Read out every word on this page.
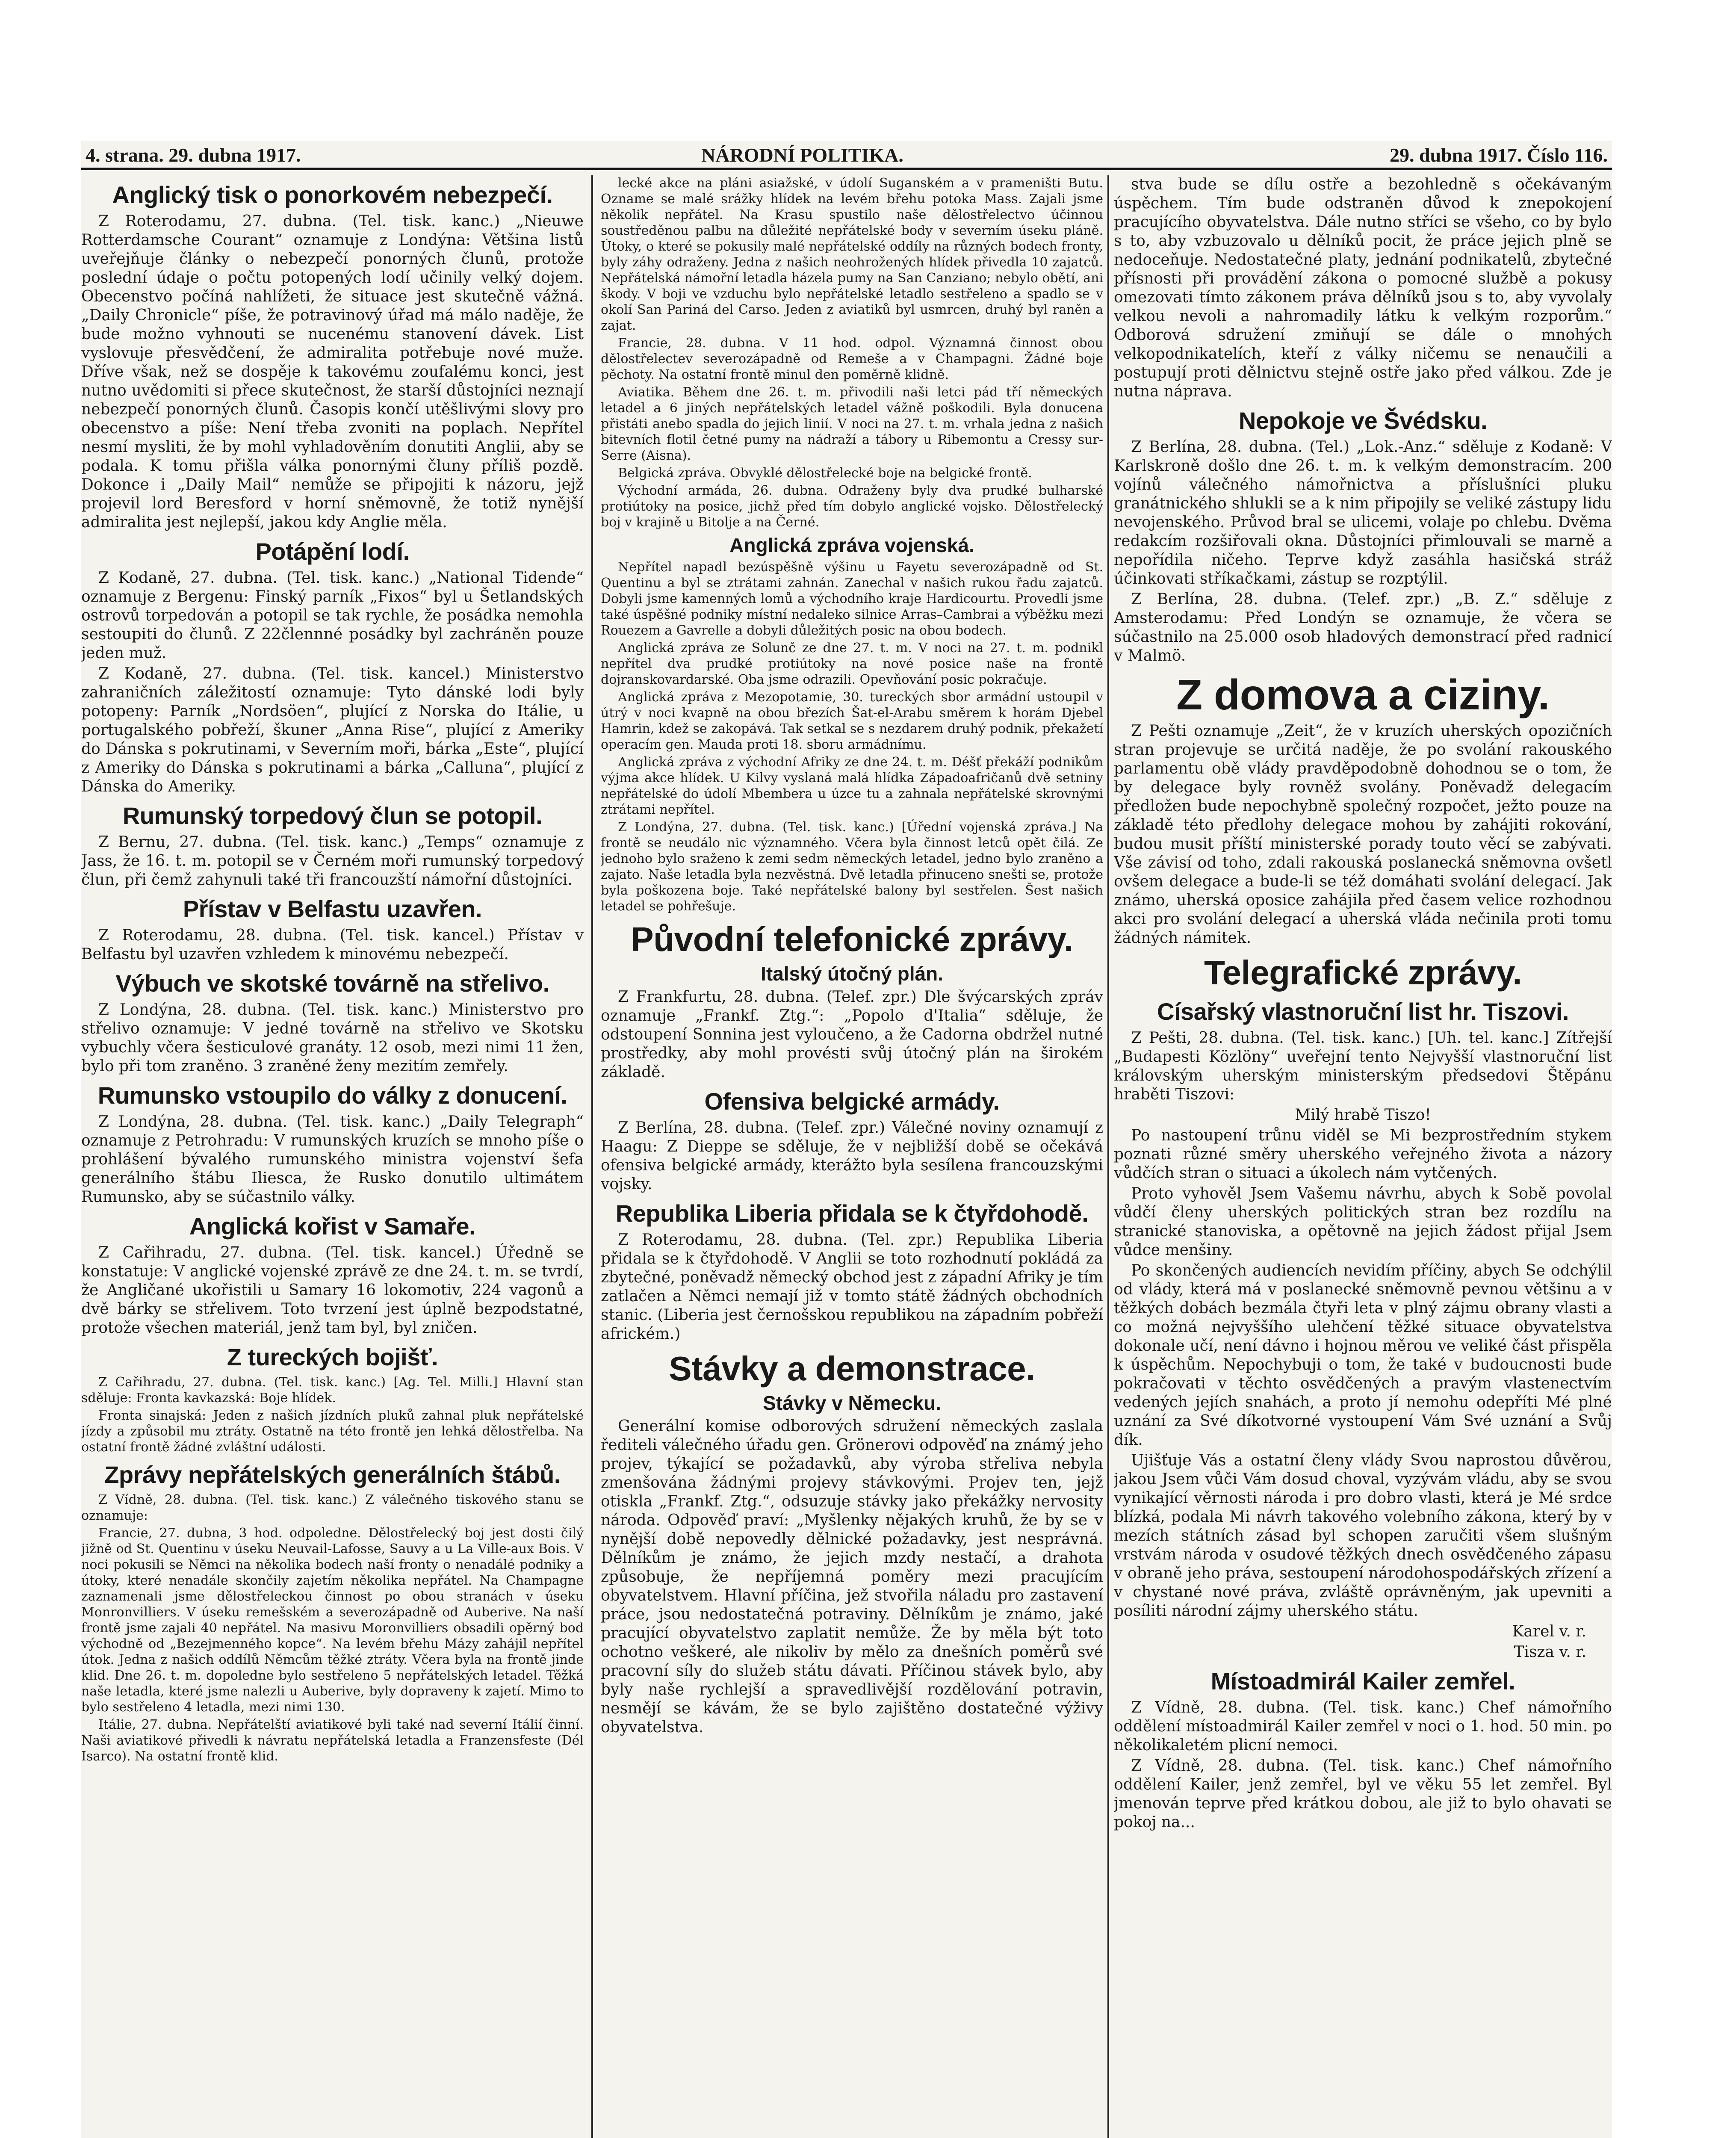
4. strana. 29. dubna 1917.	NÁRODNÍ POLITIKA.	29. dubna 1917. Číslo 116.
Anglický tisk o ponorkovém nebezpečí.

Z Roterodamu, 27. dubna. (Tel. tisk. kanc.) „Nieuwe Rotterdamsche Courant“ oznamuje z Londýna: Většina listů uveřejňuje články o nebezpečí ponorných člunů, protože poslední údaje o počtu potopených lodí učinily velký dojem. Obecenstvo počíná nahlížeti, že situace jest skutečně vážná. „Daily Chronicle“ píše, že potravinový úřad má málo naděje, že bude možno vyhnouti se nucenému stanovení dávek. List vyslovuje přesvědčení, že admiralita potřebuje nové muže. Dříve však, než se dospěje k takovému zoufalému konci, jest nutno uvědomiti si přece skutečnost, že starší důstojníci neznají nebezpečí ponorných člunů. Časopis končí utěšlivými slovy pro obecenstvo a píše: Není třeba zvoniti na poplach. Nepřítel nesmí mysliti, že by mohl vyhladověním donutiti Anglii, aby se podala. K tomu přišla válka ponornými čluny příliš pozdě. Dokonce i „Daily Mail“ nemůže se připojiti k názoru, jejž projevil lord Beresford v horní sněmovně, že totiž nynější admiralita jest nejlepší, jakou kdy Anglie měla.

Potápění lodí.

Z Kodaně, 27. dubna. (Tel. tisk. kanc.) „National Tidende“ oznamuje z Bergenu: Finský parník „Fixos“ byl u Šetlandských ostrovů torpedován a potopil se tak rychle, že posádka nemohla sestoupiti do člunů. Z 22člennné posádky byl zachráněn pouze jeden muž.

Z Kodaně, 27. dubna. (Tel. tisk. kancel.) Ministerstvo zahraničních záležitostí oznamuje: Tyto dánské lodi byly potopeny: Parník „Nordsöen“, plující z Norska do Itálie, u portugalského pobřeží, škuner „Anna Rise“, plující z Ameriky do Dánska s pokrutinami, v Severním moři, bárka „Este“, plující z Ameriky do Dánska s pokrutinami a bárka „Calluna“, plující z Dánska do Ameriky.

Rumunský torpedový člun se potopil.

Z Bernu, 27. dubna. (Tel. tisk. kanc.) „Temps“ oznamuje z Jass, že 16. t. m. potopil se v Černém moři rumunský torpedový člun, při čemž zahynuli také tři francouzští námořní důstojníci.

Přístav v Belfastu uzavřen.

Z Roterodamu, 28. dubna. (Tel. tisk. kancel.) Přístav v Belfastu byl uzavřen vzhledem k minovému nebezpečí.

Výbuch ve skotské továrně na střelivo.

Z Londýna, 28. dubna. (Tel. tisk. kanc.) Ministerstvo pro střelivo oznamuje: V jedné továrně na střelivo ve Skotsku vybuchly včera šesticulové granáty. 12 osob, mezi nimi 11 žen, bylo při tom zraněno. 3 zraněné ženy mezitím zemřely.

Rumunsko vstoupilo do války z donucení.

Z Londýna, 28. dubna. (Tel. tisk. kanc.) „Daily Telegraph“ oznamuje z Petrohradu: V rumunských kruzích se mnoho píše o prohlášení bývalého rumunského ministra vojenství šefa generálního štábu Iliesca, že Rusko donutilo ultimátem Rumunsko, aby se súčastnilo války.

Anglická kořist v Samaře.

Z Cařihradu, 27. dubna. (Tel. tisk. kancel.) Úředně se konstatuje: V anglické vojenské zprávě ze dne 24. t. m. se tvrdí, že Angličané ukořistili u Samary 16 lokomotiv, 224 vagonů a dvě bárky se střelivem. Toto tvrzení jest úplně bezpodstatné, protože všechen materiál, jenž tam byl, byl zničen.

Z tureckých bojišť.

Z Cařihradu, 27. dubna. (Tel. tisk. kanc.) [Ag. Tel. Milli.] Hlavní stan sděluje: Fronta kavkazská: Boje hlídek.

Fronta sinajská: Jeden z našich jízdních pluků zahnal pluk nepřátelské jízdy a způsobil mu ztráty. Ostatně na této frontě jen lehká dělostřelba. Na ostatní frontě žádné zvláštní události.

Zprávy nepřátelských generálních štábů.

Z Vídně, 28. dubna. (Tel. tisk. kanc.) Z válečného tiskového stanu se oznamuje:

Francie, 27. dubna, 3 hod. odpoledne. Dělostřelecký boj jest dosti čilý jižně od St. Quentinu v úseku Neuvail-Lafosse, Sauvy a u La Ville-aux Bois. V noci pokusili se Němci na několika bodech naší fronty o nenadálé podniky a útoky, které nenadále skončily zajetím několika nepřátel. Na Champagne zaznamenali jsme dělostřeleckou činnost po obou stranách v úseku Monronvilliers. V úseku remešském a severozápadně od Auberive. Na naší frontě jsme zajali 40 nepřátel. Na masivu Moronvilliers obsadili opěrný bod východně od „Bezejmenného kopce“. Na levém břehu Mázy zahájil nepřítel útok. Jedna z našich oddílů Němcům těžké ztráty. Včera byla na frontě jinde klid. Dne 26. t. m. dopoledne bylo sestřeleno 5 nepřátelských letadel. Těžká naše letadla, které jsme nalezli u Auberive, byly dopraveny k zajetí. Mimo to bylo sestřeleno 4 letadla, mezi nimi 130.

Itálie, 27. dubna. Nepřátelští aviatikové byli také nad severní Itálií činní. Naši aviatikové přivedli k návratu nepřátelská letadla a Franzensfeste (Dél Isarco). Na ostatní frontě klid.

lecké akce na pláni asiažské, v údolí Suganském a v prameništi Butu. Ozname se malé srážky hlídek na levém břehu potoka Mass. Zajali jsme několik nepřátel. Na Krasu spustilo naše dělostřelectvo účinnou soustředěnou palbu na důležité nepřátelské body v severním úseku pláně. Útoky, o které se pokusily malé nepřátelské oddíly na různých bodech fronty, byly záhy odraženy. Jedna z našich neohrožených hlídek přivedla 10 zajatců. Nepřátelská námořní letadla házela pumy na San Canziano; nebylo obětí, ani škody. V boji ve vzduchu bylo nepřátelské letadlo sestřeleno a spadlo se v okolí San Pariná del Carso. Jeden z aviatiků byl usmrcen, druhý byl raněn a zajat.

Francie, 28. dubna. V 11 hod. odpol. Významná činnost obou dělostřelectev severozápadně od Remeše a v Champagni. Žádné boje pěchoty. Na ostatní frontě minul den poměrně klidně.

Aviatika. Během dne 26. t. m. přivodili naši letci pád tří německých letadel a 6 jiných nepřátelských letadel vážně poškodili. Byla donucena přistáti anebo spadla do jejich linií. V noci na 27. t. m. vrhala jedna z našich bitevních flotil četné pumy na nádraží a tábory u Ribemontu a Cressy sur-Serre (Aisna).

Belgická zpráva. Obvyklé dělostřelecké boje na belgické frontě.

Východní armáda, 26. dubna. Odraženy byly dva prudké bulharské protiútoky na posice, jichž před tím dobylo anglické vojsko. Dělostřelecký boj v krajině u Bitolje a na Černé.

Anglická zpráva vojenská.

Nepřítel napadl bezúspěšně výšinu u Fayetu severozápadně od St. Quentinu a byl se ztrátami zahnán. Zanechal v našich rukou řadu zajatců. Dobyli jsme kamenných lomů a východního kraje Hardicourtu. Provedli jsme také úspěšné podniky místní nedaleko silnice Arras–Cambrai a výběžku mezi Rouezem a Gavrelle a dobyli důležitých posic na obou bodech.

Anglická zpráva ze Solunč ze dne 27. t. m. V noci na 27. t. m. podnikl nepřítel dva prudké protiútoky na nové posice naše na frontě dojranskovardarské. Oba jsme odrazili. Opevňování posic pokračuje.

Anglická zpráva z Mezopotamie, 30. tureckých sbor armádní ustoupil v útrý v noci kvapně na obou březích Šat-el-Arabu směrem k horám Djebel Hamrin, kdež se zakopává. Tak setkal se s nezdarem druhý podnik, překažetí operacím gen. Mauda proti 18. sboru armádnímu.

Anglická zpráva z východní Afriky ze dne 24. t. m. Déšť překáží podnikům výjma akce hlídek. U Kilvy vyslaná malá hlídka Západoafričanů dvě setniny nepřátelské do údolí Mbembera u úzce tu a zahnala nepřátelské skrovnými ztrátami nepřítel.

Z Londýna, 27. dubna. (Tel. tisk. kanc.) [Úřední vojenská zpráva.] Na frontě se neudálo nic významného. Včera byla činnost letců opět čilá. Ze jednoho bylo sraženo k zemi sedm německých letadel, jedno bylo zraněno a zajato. Naše letadla byla nezvěstná. Dvě letadla přinuceno snešti se, protože byla poškozena boje. Také nepřátelské balony byl sestřelen. Šest našich letadel se pohřešuje.

Původní telefonické zprávy.
Italský útočný plán.

Z Frankfurtu, 28. dubna. (Telef. zpr.) Dle švýcarských zpráv oznamuje „Frankf. Ztg.“: „Popolo d'Italia“ sděluje, že odstoupení Sonnina jest vyloučeno, a že Cadorna obdržel nutné prostředky, aby mohl provésti svůj útočný plán na širokém základě.

Ofensiva belgické armády.

Z Berlína, 28. dubna. (Telef. zpr.) Válečné noviny oznamují z Haagu: Z Dieppe se sděluje, že v nejbližší době se očekává ofensiva belgické armády, kterážto byla sesílena francouzskými vojsky.

Republika Liberia přidala se k čtyřdohodě.

Z Roterodamu, 28. dubna. (Tel. zpr.) Republika Liberia přidala se k čtyřdohodě. V Anglii se toto rozhodnutí pokládá za zbytečné, poněvadž německý obchod jest z západní Afriky je tím zatlačen a Němci nemají již v tomto státě žádných obchodních stanic. (Liberia jest černošskou republikou na západním pobřeží africkém.)

Stávky a demonstrace.
Stávky v Německu.

Generální komise odborových sdružení německých zaslala řediteli válečného úřadu gen. Grönerovi odpověď na známý jeho projev, týkající se požadavků, aby výroba střeliva nebyla zmenšována žádnými projevy stávkovými. Projev ten, jejž otiskla „Frankf. Ztg.“, odsuzuje stávky jako překážky nervosity národa. Odpověď praví: „Myšlenky nějakých kruhů, že by se v nynější době nepovedly dělnické požadavky, jest nesprávná. Dělníkům je známo, že jejich mzdy nestačí, a drahota způsobuje, že nepříjemná poměry mezi pracujícím obyvatelstvem. Hlavní příčina, jež stvořila náladu pro zastavení práce, jsou nedostatečná potraviny. Dělníkům je známo, jaké pracující obyvatelstvo zaplatit nemůže. Že by měla být toto ochotno veškeré, ale nikoliv by mělo za dnešních poměrů své pracovní síly do služeb státu dávati. Příčinou stávek bylo, aby byly naše rychlejší a spravedlivější rozdělování potravin, nesmějí se kávám, že se bylo zajištěno dostatečné výživy obyvatelstva.

stva bude se dílu ostře a bezohledně s očekávaným úspěchem. Tím bude odstraněn důvod k znepokojení pracujícího obyvatelstva. Dále nutno stříci se všeho, co by bylo s to, aby vzbuzovalo u dělníků pocit, že práce jejich plně se nedoceňuje. Nedostatečné platy, jednání podnikatelů, zbytečné přísnosti při provádění zákona o pomocné službě a pokusy omezovati tímto zákonem práva dělníků jsou s to, aby vyvolaly velkou nevoli a nahromadily látku k velkým rozporům.“ Odborová sdružení zmiňují se dále o mnohých velkopodnikatelích, kteří z války ničemu se nenaučili a postupují proti dělnictvu stejně ostře jako před válkou. Zde je nutna náprava.

Nepokoje ve Švédsku.

Z Berlína, 28. dubna. (Tel.) „Lok.-Anz.“ sděluje z Kodaně: V Karlskroně došlo dne 26. t. m. k velkým demonstracím. 200 vojínů válečného námořnictva a příslušníci pluku granátnického shlukli se a k nim připojily se veliké zástupy lidu nevojenského. Průvod bral se ulicemi, volaje po chlebu. Dvěma redakcím rozšiřovali okna. Důstojníci přimlouvali se marně a nepořídila ničeho. Teprve když zasáhla hasičská stráž účinkovati stříkačkami, zástup se rozptýlil.

Z Berlína, 28. dubna. (Telef. zpr.) „B. Z.“ sděluje z Amsterodamu: Před Londýn se oznamuje, že včera se súčastnilo na 25.000 osob hladových demonstrací před radnicí v Malmö.

Z domova a ciziny.

Z Pešti oznamuje „Zeit“, že v kruzích uherských opozičních stran projevuje se určitá naděje, že po svolání rakouského parlamentu obě vlády pravděpodobně dohodnou se o tom, že by delegace byly rovněž svolány. Poněvadž delegacím předložen bude nepochybně společný rozpočet, ježto pouze na základě této předlohy delegace mohou by zahájiti rokování, budou musit příští ministerské porady touto věcí se zabývati. Vše závisí od toho, zdali rakouská poslanecká sněmovna ovšetl ovšem delegace a bude-li se též domáhati svolání delegací. Jak známo, uherská oposice zahájila před časem velice rozhodnou akci pro svolání delegací a uherská vláda nečinila proti tomu žádných námitek.

Telegrafické zprávy.
Císařský vlastnoruční list hr. Tiszovi.

Z Pešti, 28. dubna. (Tel. tisk. kanc.) [Uh. tel. kanc.] Zítřejší „Budapesti Közlöny“ uveřejní tento Nejvyšší vlastnoruční list královským uherským ministerským předsedovi Štěpánu hraběti Tiszovi:

Milý hrabě Tiszo!

Po nastoupení trůnu viděl se Mi bezprostředním stykem poznati různé směry uherského veřejného života a názory vůdčích stran o situaci a úkolech nám vytčených.

Proto vyhověl Jsem Vašemu návrhu, abych k Sobě povolal vůdčí členy uherských politických stran bez rozdílu na stranické stanoviska, a opětovně na jejich žádost přijal Jsem vůdce menšiny.

Po skončených audiencích nevidím příčiny, abych Se odchýlil od vlády, která má v poslanecké sněmovně pevnou většinu a v těžkých dobách bezmála čtyři leta v plný zájmu obrany vlasti a co možná nejvyššího ulehčení těžké situace obyvatelstva dokonale učí, není dávno i hojnou měrou ve veliké část přispěla k úspěchům. Nepochybuji o tom, že také v budoucnosti bude pokračovati v těchto osvědčených a pravým vlastenectvím vedených jejích snahách, a proto jí nemohu odepříti Mé plné uznání za Své díkotvorné vystoupení Vám Své uznání a Svůj dík.

Ujišťuje Vás a ostatní členy vlády Svou naprostou důvěrou, jakou Jsem vůči Vám dosud choval, vyzývám vládu, aby se svou vynikající věrnosti národa i pro dobro vlasti, která je Mé srdce blízká, podala Mi návrh takového volebního zákona, který by v mezích státních zásad byl schopen zaručiti všem slušným vrstvám národa v osudové těžkých dnech osvědčeného zápasu v obraně jeho práva, sestoupení národohospodářských zřízení a v chystané nové práva, zvláště oprávněným, jak upevniti a posíliti národní zájmy uherského státu.

Karel v. r.

Tisza v. r.

Místoadmirál Kailer zemřel.

Z Vídně, 28. dubna. (Tel. tisk. kanc.) Chef námořního oddělení místoadmirál Kailer zemřel v noci o 1. hod. 50 min. po několikaletém plicní nemoci.

Z Vídně, 28. dubna. (Tel. tisk. kanc.) Chef námořního oddělení Kailer, jenž zemřel, byl ve věku 55 let zemřel. Byl jmenován teprve před krátkou dobou, ale již to bylo ohavati se pokoj na...
